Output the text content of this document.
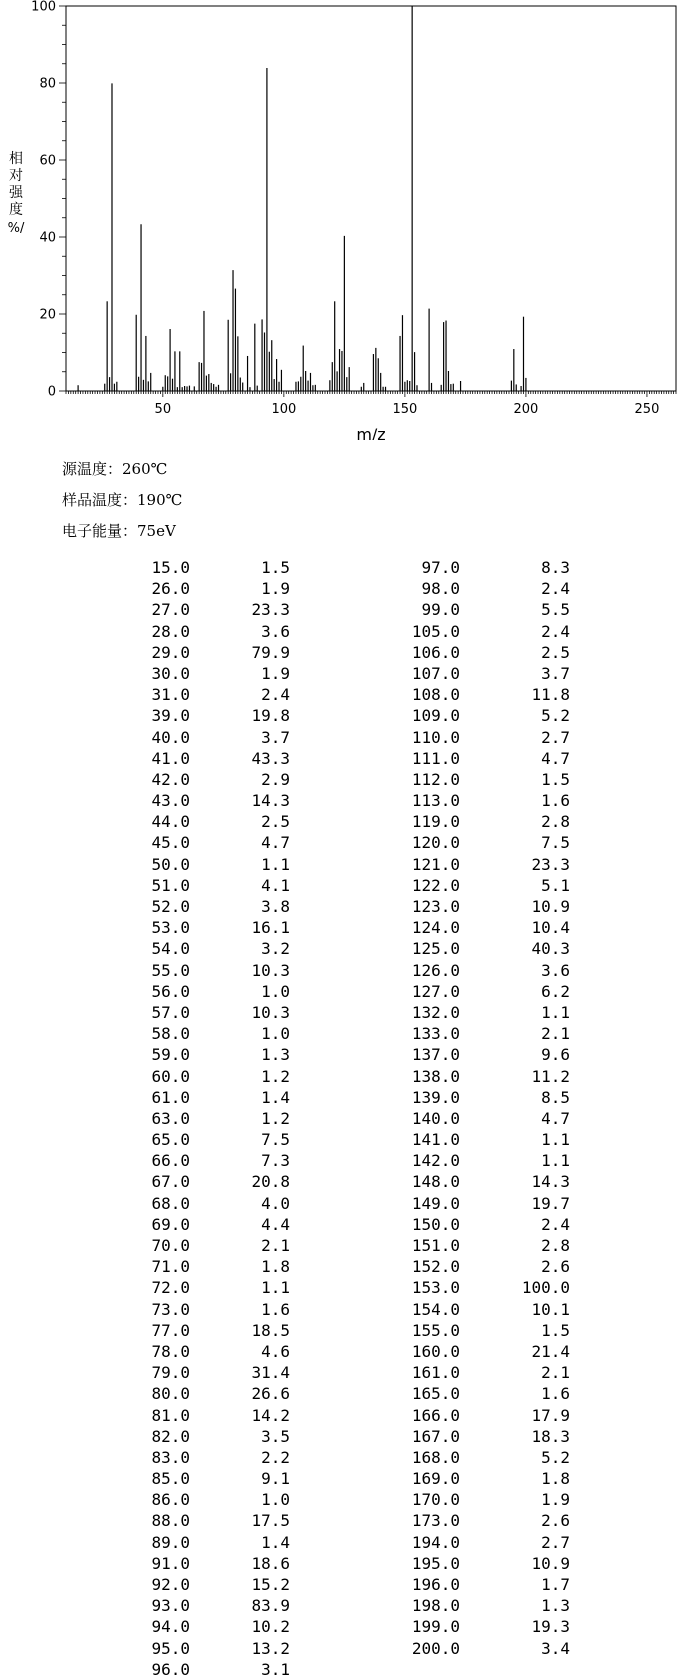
50	100	150	200	250
0
20
40
60
80
100
相
对
强
度
%/
m/z
源温度：260℃
样品温度：190℃
电子能量：75eV
15.0	1.5
26.0	1.9
27.0	23.3
28.0	3.6
29.0	79.9
30.0	1.9
31.0	2.4
39.0	19.8
40.0	3.7
41.0	43.3
42.0	2.9
43.0	14.3
44.0	2.5
45.0	4.7
50.0	1.1
51.0	4.1
52.0	3.8
53.0	16.1
54.0	3.2
55.0	10.3
56.0	1.0
57.0	10.3
58.0	1.0
59.0	1.3
60.0	1.2
61.0	1.4
63.0	1.2
65.0	7.5
66.0	7.3
67.0	20.8
68.0	4.0
69.0	4.4
70.0	2.1
71.0	1.8
72.0	1.1
73.0	1.6
77.0	18.5
78.0	4.6
79.0	31.4
80.0	26.6
81.0	14.2
82.0	3.5
83.0	2.2
85.0	9.1
86.0	1.0
88.0	17.5
89.0	1.4
91.0	18.6
92.0	15.2
93.0	83.9
94.0	10.2
95.0	13.2
96.0	3.1
97.0	8.3
98.0	2.4
99.0	5.5
105.0	2.4
106.0	2.5
107.0	3.7
108.0	11.8
109.0	5.2
110.0	2.7
111.0	4.7
112.0	1.5
113.0	1.6
119.0	2.8
120.0	7.5
121.0	23.3
122.0	5.1
123.0	10.9
124.0	10.4
125.0	40.3
126.0	3.6
127.0	6.2
132.0	1.1
133.0	2.1
137.0	9.6
138.0	11.2
139.0	8.5
140.0	4.7
141.0	1.1
142.0	1.1
148.0	14.3
149.0	19.7
150.0	2.4
151.0	2.8
152.0	2.6
153.0	100.0
154.0	10.1
155.0	1.5
160.0	21.4
161.0	2.1
165.0	1.6
166.0	17.9
167.0	18.3
168.0	5.2
169.0	1.8
170.0	1.9
173.0	2.6
194.0	2.7
195.0	10.9
196.0	1.7
198.0	1.3
199.0	19.3
200.0	3.4
